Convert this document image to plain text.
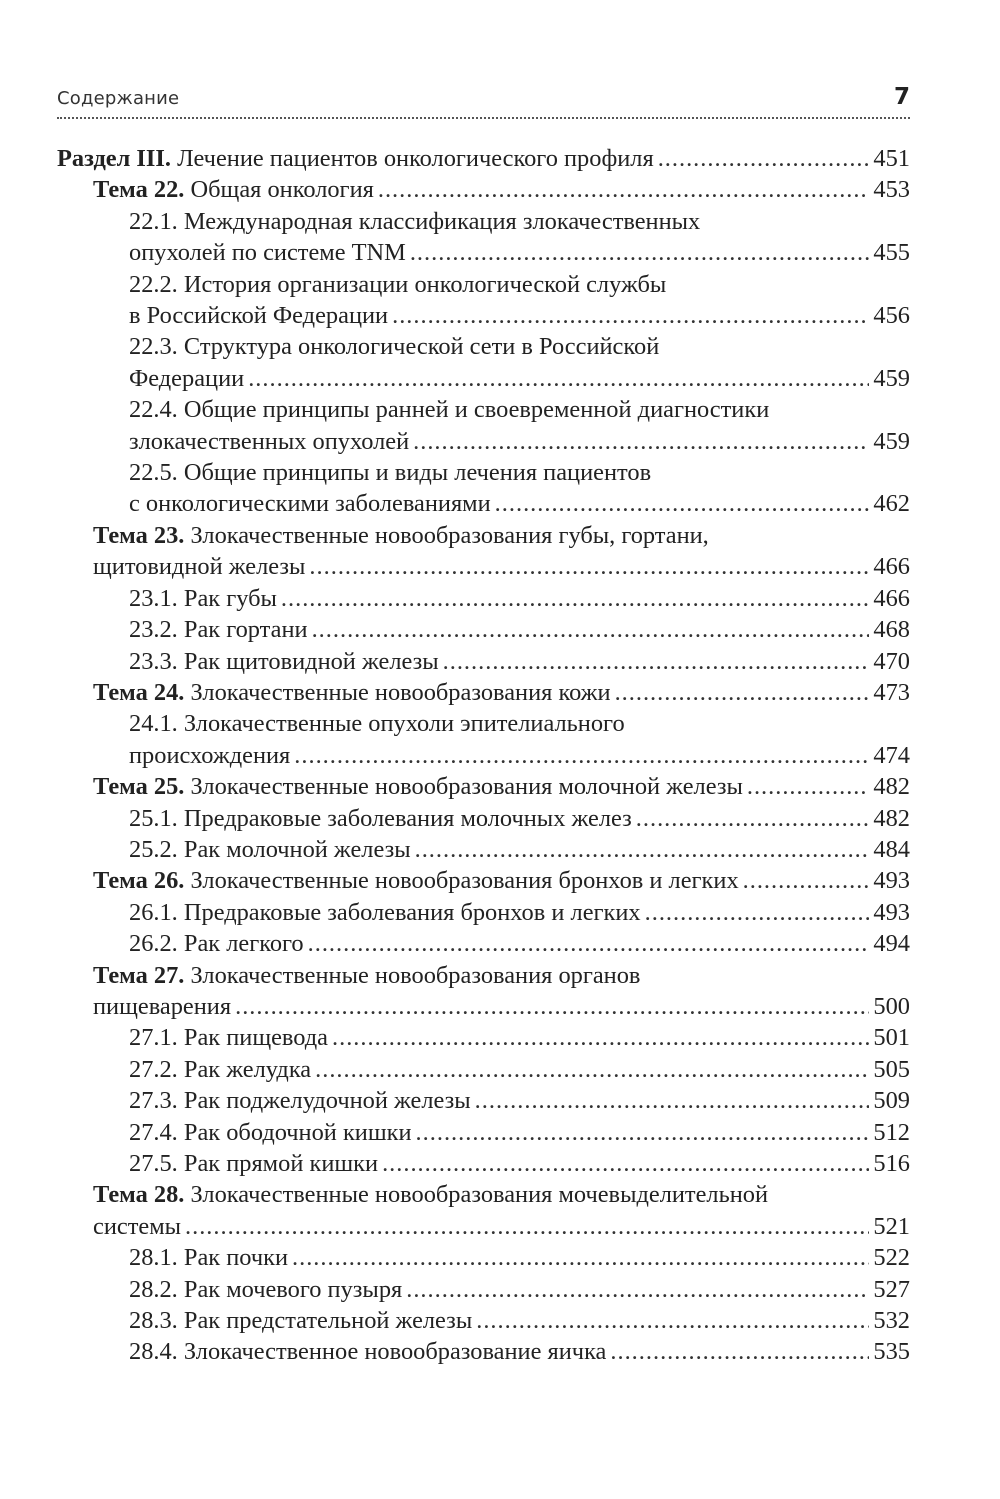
Содержание	7
Раздел III. Лечение пациентов онкологического профиля .....	451
Тема 22. Общая онкология .....	453
22.1. Международная классификация злокачественных
опухолей по системе TNM .....	455
22.2. История организации онкологической службы
в Российской Федерации .....	456
22.3. Структура онкологической сети в Российской
Федерации .....	459
22.4. Общие принципы ранней и своевременной диагностики
злокачественных опухолей .....	459
22.5. Общие принципы и виды лечения пациентов
с онкологическими заболеваниями .....	462
Тема 23. Злокачественные новообразования губы, гортани,
щитовидной железы .....	466
23.1. Рак губы .....	466
23.2. Рак гортани .....	468
23.3. Рак щитовидной железы .....	470
Тема 24. Злокачественные новообразования кожи .....	473
24.1. Злокачественные опухоли эпителиального
происхождения .....	474
Тема 25. Злокачественные новообразования молочной железы .....	482
25.1. Предраковые заболевания молочных желез .....	482
25.2. Рак молочной железы .....	484
Тема 26. Злокачественные новообразования бронхов и легких .....	493
26.1. Предраковые заболевания бронхов и легких .....	493
26.2. Рак легкого .....	494
Тема 27. Злокачественные новообразования органов
пищеварения .....	500
27.1. Рак пищевода .....	501
27.2. Рак желудка .....	505
27.3. Рак поджелудочной железы .....	509
27.4. Рак ободочной кишки .....	512
27.5. Рак прямой кишки .....	516
Тема 28. Злокачественные новообразования мочевыделительной
системы .....	521
28.1. Рак почки .....	522
28.2. Рак мочевого пузыря .....	527
28.3. Рак предстательной железы .....	532
28.4. Злокачественное новообразование яичка .....	535
